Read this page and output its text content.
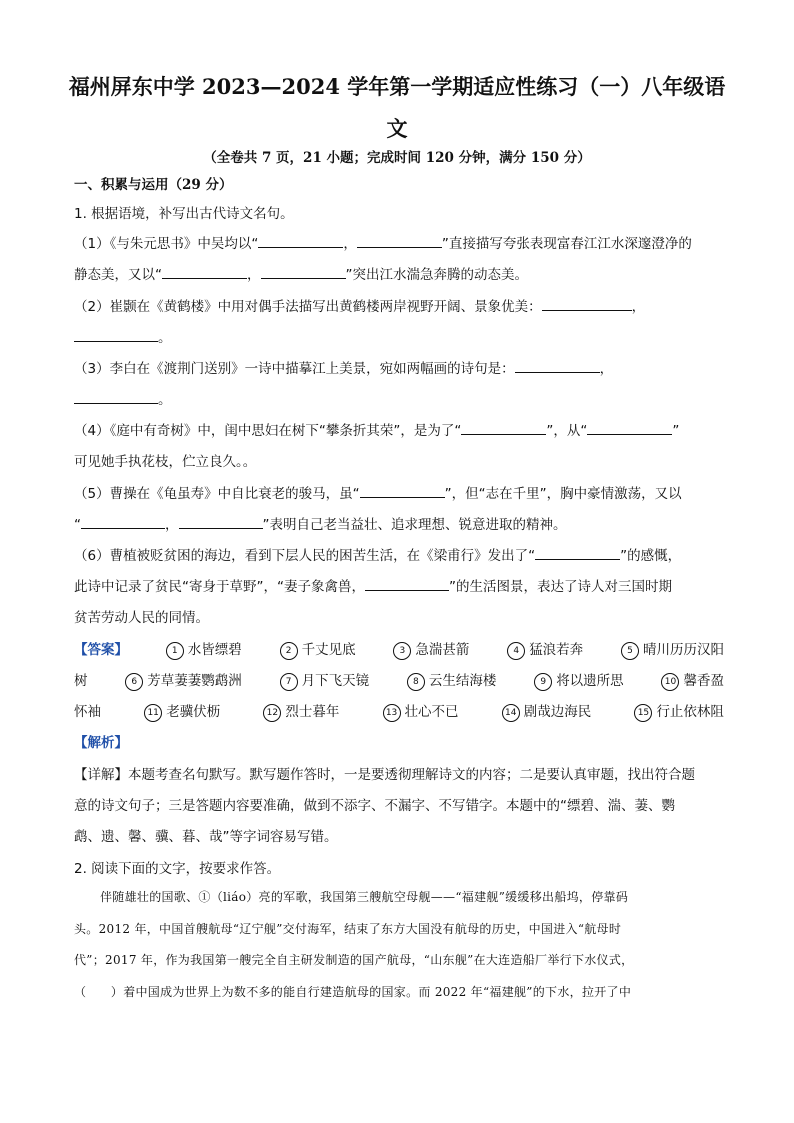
福州屏东中学 2023—2024 学年第一学期适应性练习（一）八年级语文
（全卷共 7 页，21 小题；完成时间 120 分钟，满分 150 分）
一、积累与运用（29 分）
1. 根据语境，补写出古代诗文名句。
（1）《与朱元思书》中吴均以“	，	”直接描写夸张表现富春江江水深邃澄净的
静态美，又以“	，	”突出江水湍急奔腾的动态美。
（2）崔颢在《黄鹤楼》中用对偶手法描写出黄鹤楼两岸视野开阔、景象优美：	，
。
（3）李白在《渡荆门送别》一诗中描摹江上美景，宛如两幅画的诗句是：	，
。
（4）《庭中有奇树》中，闺中思妇在树下“攀条折其荣”，是为了“	”，从“	”
可见她手执花枝，伫立良久。。
（5）曹操在《龟虽寿》中自比衰老的骏马，虽“	”，但“志在千里”，胸中豪情激荡，又以
“	，	”表明自己老当益壮、追求理想、锐意进取的精神。
（6）曹植被贬贫困的海边，看到下层人民的困苦生活，在《梁甫行》发出了“	”的感慨，
此诗中记录了贫民“寄身于草野”，“妻子象禽兽，	”的生活图景，表达了诗人对三国时期
贫苦劳动人民的同情。
【答案】	1 水皆缥碧	2 千丈见底	3 急湍甚箭	4 猛浪若奔	5 晴川历历汉阳
树	6 芳草萋萋鹦鹉洲	7 月下飞天镜	8 云生结海楼	9 将以遗所思	10 馨香盈
怀袖	11 老骥伏枥	12 烈士暮年	13 壮心不已	14 剧哉边海民	15 行止依林阻
【解析】
【详解】本题考查名句默写。默写题作答时，一是要透彻理解诗文的内容；二是要认真审题，找出符合题
意的诗文句子；三是答题内容要准确，做到不添字、不漏字、不写错字。本题中的“缥碧、湍、萋、鹦
鹉、遗、馨、骥、暮、哉”等字词容易写错。
2. 阅读下面的文字，按要求作答。
伴随雄壮的国歌、①（liáo）亮的军歌，我国第三艘航空母舰——“福建舰”缓缓移出船坞，停靠码
头。2012 年，中国首艘航母“辽宁舰”交付海军，结束了东方大国没有航母的历史，中国进入“航母时
代”；2017 年，作为我国第一艘完全自主研发制造的国产航母，“山东舰”在大连造船厂举行下水仪式，
（　　）着中国成为世界上为数不多的能自行建造航母的国家。而 2022 年“福建舰”的下水，拉开了中
